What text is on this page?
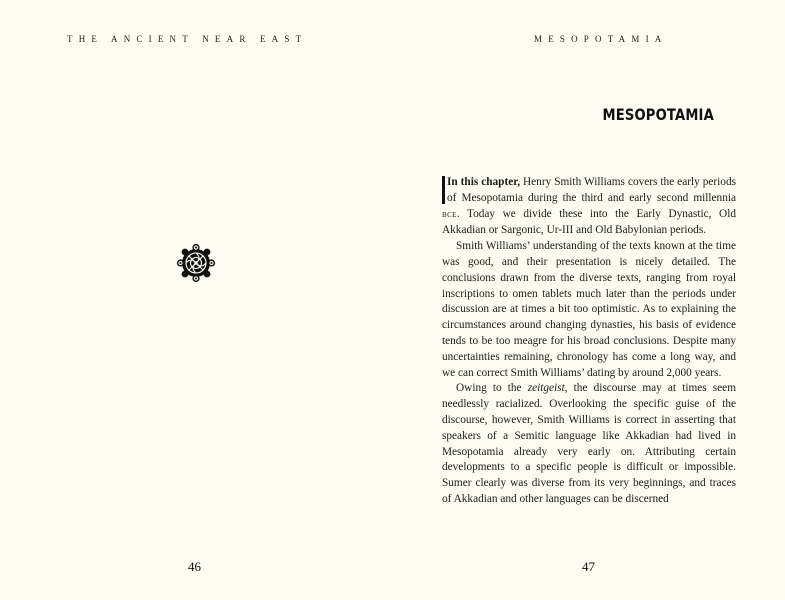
THE ANCIENT NEAR EAST
46
MESOPOTAMIA
MESOPOTAMIA

In this chapter, Henry Smith Williams covers the early periods of Mesopotamia during the third and early second millennia bce. Today we divide these into the Early Dynastic, Old Akkadian or Sargonic, Ur-III and Old Babylonian periods.

Smith Williams’ understanding of the texts known at the time was good, and their presentation is nicely detailed. The conclusions drawn from the diverse texts, ranging from royal inscriptions to omen tablets much later than the periods under discussion are at times a bit too optimistic. As to explaining the circumstances around changing dynasties, his basis of evidence tends to be too meagre for his broad conclusions. Despite many uncertainties remaining, chronology has come a long way, and we can correct Smith Williams’ dating by around 2,000 years.

Owing to the zeitgeist, the discourse may at times seem needlessly racialized. Overlooking the specific guise of the discourse, however, Smith Williams is correct in asserting that speakers of a Semitic language like Akkadian had lived in Mesopotamia already very early on. Attributing certain developments to a specific people is difficult or impossible. Sumer clearly was diverse from its very beginnings, and traces of Akkadian and other languages can be discerned

47
